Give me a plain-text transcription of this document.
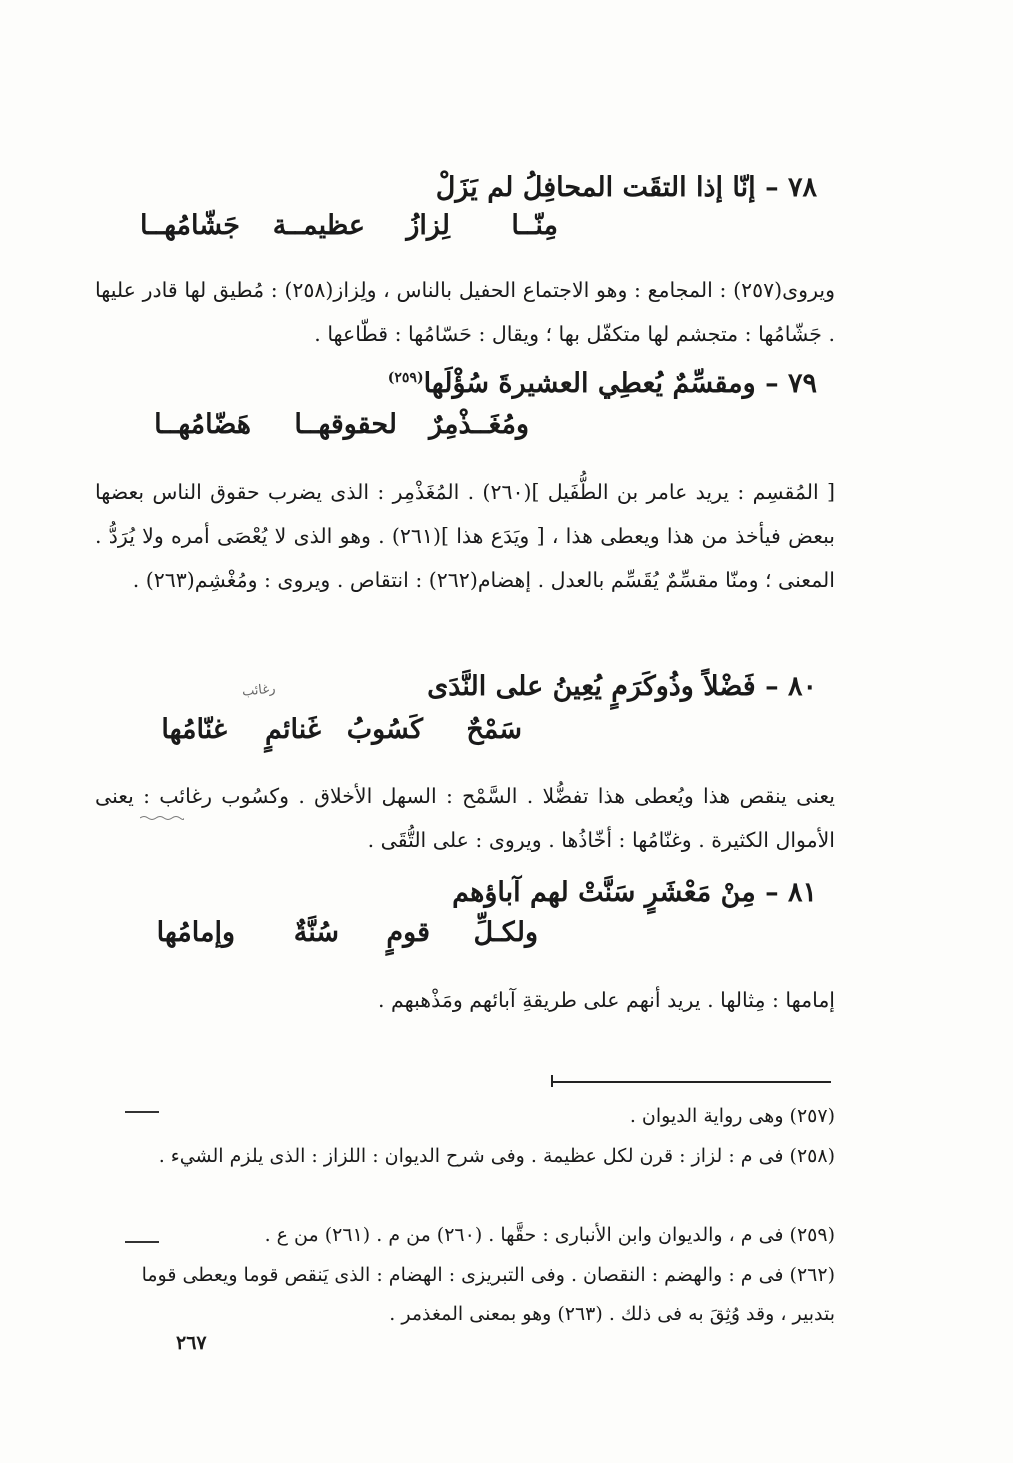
٧٨ – إنّا إذا التقَت المحافِلُ لم يَزَلْ
مِنّــا
لِزازُ
عظيمــة
جَشّامُهــا
ويروى(٢٥٧) : المجامع : وهو الاجتماع الحفيل بالناس ، ولِزاز(٢٥٨) : مُطيق لها قادر عليها . جَشّامُها : متجشم لها متكفّل بها ؛ ويقال : حَسّامُها : قطّاعها .
٧٩ – ومقسِّمٌ يُعطِي العشيرةَ سُؤْلَها$^{(٢٥٩)}$
ومُغَــذْمِرٌ
لحقوقهــا
هَضّامُهــا
[ المُقسِم : يريد عامر بن الطُّفَيل ](٢٦٠) . المُغَذْمِر : الذى يضرب حقوق الناس بعضها ببعض فيأخذ من هذا ويعطى هذا ، [ ويَدَع هذا ](٢٦١) . وهو الذى لا يُعْصَى أمره ولا يُرَدُّ . المعنى ؛ ومنّا مقسِّمٌ يُقَسِّم بالعدل . إهضام(٢٦٢) : انتقاص . ويروى : ومُغْشِم(٢٦٣) .
٨٠ – فَضْلاً وذُوكَرَمٍ يُعِينُ على النَّدَى
رغائب
سَمْحٌ
كَسُوبُ
غَنائمٍ
غنّامُها
يعنى ينقص هذا ويُعطى هذا تفضُّلا . السَّمْح : السهل الأخلاق . وكسُوب رغائب : يعنى الأموال الكثيرة . وغنّامُها : أخّاذُها . ويروى : على التُّقَى .
٨١ – مِنْ مَعْشَرٍ سَنَّتْ لهم آباؤهم
ولكـلِّ
قومٍ
سُنَّةٌ
وإمامُها
إمامها : مِثالها . يريد أنهم على طريقةِ آبائهم ومَذْهبهم .
(٢٥٧) وهى رواية الديوان .
(٢٥٨) فى م : لزاز : قرن لكل عظيمة . وفى شرح الديوان : اللزاز : الذى يلزم الشيء .
(٢٥٩) فى م ، والديوان وابن الأنبارى : حقَّها . (٢٦٠) من م . (٢٦١) من ع .
(٢٦٢) فى م : والهضم : النقصان . وفى التبريزى : الهضام : الذى يَنقص قوما ويعطى قوما بتدبير ، وقد وُثِقَ به فى ذلك . (٢٦٣) وهو بمعنى المغذمر .
٢٦٧
